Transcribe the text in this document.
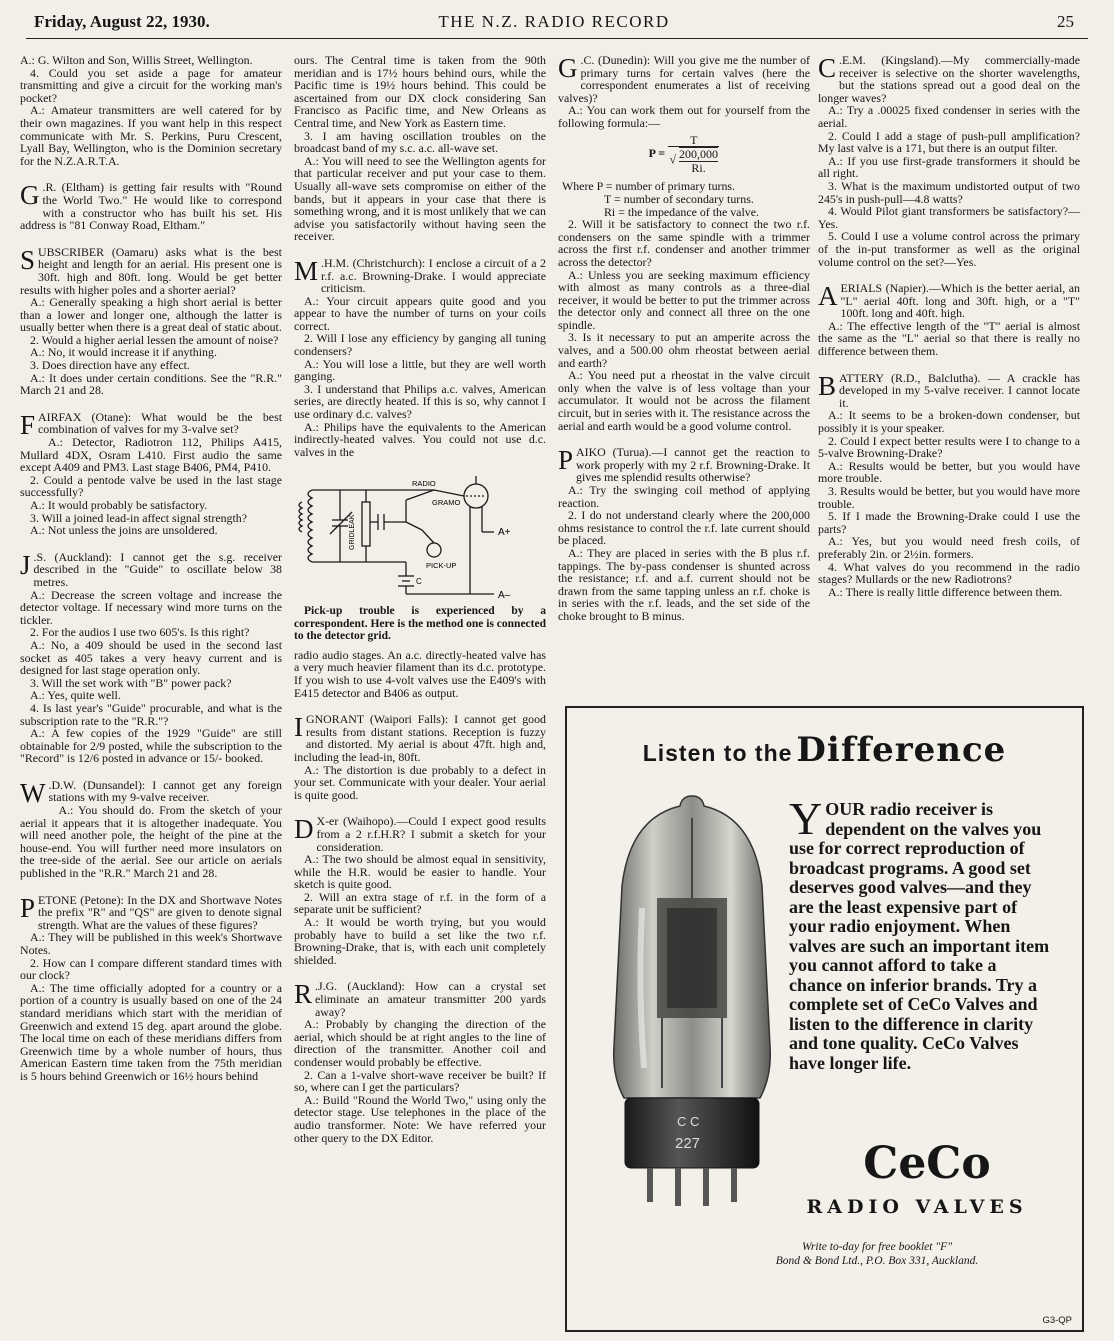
Friday, August 22, 1930.	THE N.Z. RADIO RECORD	25

A.: G. Wilton and Son, Willis Street, Wellington.

4. Could you set aside a page for amateur transmitting and give a circuit for the working man's pocket?

A.: Amateur transmitters are well catered for by their own magazines. If you want help in this respect communicate with Mr. S. Perkins, Puru Crescent, Lyall Bay, Wellington, who is the Dominion secretary for the N.Z.A.R.T.A.

G .R. (Eltham) is getting fair results with "Round the World Two." He would like to correspond with a constructor who has built his set. His address is "81 Conway Road, Eltham."

SUBSCRIBER (Oamaru) asks what is the best height and length for an aerial. His present one is 30ft. high and 80ft. long. Would be get better results with higher poles and a shorter aerial?

A.: Generally speaking a high short aerial is better than a lower and longer one, although the latter is usually better when there is a great deal of static about.

2. Would a higher aerial lessen the amount of noise?

A.: No, it would increase it if anything.

3. Does direction have any effect.

A.: It does under certain conditions. See the "R.R." March 21 and 28.

FAIRFAX (Otane): What would be the best combination of valves for my 3-valve set?

A.: Detector, Radiotron 112, Philips A415, Mullard 4DX, Osram L410. First audio the same except A409 and PM3. Last stage B406, PM4, P410.

2. Could a pentode valve be used in the last stage successfully?

A.: It would probably be satisfactory.

3. Will a joined lead-in affect signal strength?

A.: Not unless the joins are unsoldered.

J .S. (Auckland): I cannot get the s.g. receiver described in the "Guide" to oscillate below 38 metres.

A.: Decrease the screen voltage and increase the detector voltage. If necessary wind more turns on the tickler.

2. For the audios I use two 605's. Is this right?

A.: No, a 409 should be used in the second last socket as 405 takes a very heavy current and is designed for last stage operation only.

3. Will the set work with "B" power pack?

A.: Yes, quite well.

4. Is last year's "Guide" procurable, and what is the subscription rate to the "R.R."?

A.: A few copies of the 1929 "Guide" are still obtainable for 2/9 posted, while the subscription to the "Record" is 12/6 posted in advance or 15/- booked.

W .D.W. (Dunsandel): I cannot get any foreign stations with my 9-valve receiver.

A.: You should do. From the sketch of your aerial it appears that it is altogether inadequate. You will need another pole, the height of the pine at the house-end. You will further need more insulators on the tree-side of the aerial. See our article on aerials published in the "R.R." March 21 and 28.

PETONE (Petone): In the DX and Shortwave Notes the prefix "R" and "QS" are given to denote signal strength. What are the values of these figures?

A.: They will be published in this week's Shortwave Notes.

2. How can I compare different standard times with our clock?

A.: The time officially adopted for a country or a portion of a country is usually based on one of the 24 standard meridians which start with the meridian of Greenwich and extend 15 deg. apart around the globe. The local time on each of these meridians differs from Greenwich time by a whole number of hours, thus American Eastern time taken from the 75th meridian is 5 hours behind Greenwich or 16½ hours behind

ours. The Central time is taken from the 90th meridian and is 17½ hours behind ours, while the Pacific time is 19½ hours behind. This could be ascertained from our DX clock considering San Francisco as Pacific time, and New Orleans as Central time, and New York as Eastern time.

3. I am having oscillation troubles on the broadcast band of my s.c. a.c. all-wave set.

A.: You will need to see the Wellington agents for that particular receiver and put your case to them. Usually all-wave sets compromise on either of the bands, but it appears in your case that there is something wrong, and it is most unlikely that we can advise you satisfactorily without having seen the receiver.

M .H.M. (Christchurch): I enclose a circuit of a 2 r.f. a.c. Browning-Drake. I would appreciate criticism.

A.: Your circuit appears quite good and you appear to have the number of turns on your coils correct.

2. Will I lose any efficiency by ganging all tuning condensers?

A.: You will lose a little, but they are well worth ganging.

3. I understand that Philips a.c. valves, American series, are directly heated. If this is so, why cannot I use ordinary d.c. valves?

A.: Philips have the equivalents to the American indirectly-heated valves. You could not use d.c. valves in the

RADIO
GRAMO
PICK-UP
GRIDLEAK
C
A+
A–

Pick-up trouble is experienced by a correspondent. Here is the method one is connected to the detector grid.

radio audio stages. An a.c. directly-heated valve has a very much heavier filament than its d.c. prototype. If you wish to use 4-volt valves use the E409's with E415 detector and B406 as output.

IGNORANT (Waipori Falls): I cannot get good results from distant stations. Reception is fuzzy and distorted. My aerial is about 47ft. high and, including the lead-in, 80ft.

A.: The distortion is due probably to a defect in your set. Communicate with your dealer. Your aerial is quite good.

D X-er (Waihopo).—Could I expect good results from a 2 r.f.H.R? I submit a sketch for your consideration.

A.: The two should be almost equal in sensitivity, while the H.R. would be easier to handle. Your sketch is quite good.

2. Will an extra stage of r.f. in the form of a separate unit be sufficient?

A.: It would be worth trying, but you would probably have to build a set like the two r.f. Browning-Drake, that is, with each unit completely shielded.

R .J.G. (Auckland): How can a crystal set eliminate an amateur transmitter 200 yards away?

A.: Probably by changing the direction of the aerial, which should be at right angles to the line of direction of the transmitter. Another coil and condenser would probably be effective.

2. Can a 1-valve short-wave receiver be built? If so, where can I get the particulars?

A.: Build "Round the World Two," using only the detector stage. Use telephones in the place of the audio transformer. Note: We have referred your other query to the DX Editor.

G .C. (Dunedin): Will you give me the number of primary turns for certain valves (here the correspondent enumerates a list of receiving valves)?

A.: You can work them out for yourself from the following formula:—

$P = \frac{T}{√ \frac{200,000}{Ri.}}$

Where P = number of primary turns.

T = number of secondary turns.

Ri = the impedance of the valve.

2. Will it be satisfactory to connect the two r.f. condensers on the same spindle with a trimmer across the first r.f. condenser and another trimmer across the detector?

A.: Unless you are seeking maximum efficiency with almost as many controls as a three-dial receiver, it would be better to put the trimmer across the detector only and connect all three on the one spindle.

3. Is it necessary to put an amperite across the valves, and a 500.00 ohm rheostat between aerial and earth?

A.: You need put a rheostat in the valve circuit only when the valve is of less voltage than your accumulator. It would not be across the filament circuit, but in series with it. The resistance across the aerial and earth would be a good volume control.

PAIKO (Turua).—I cannot get the reaction to work properly with my 2 r.f. Browning-Drake. It gives me splendid results otherwise?

A.: Try the swinging coil method of applying reaction.

2. I do not understand clearly where the 200,000 ohms resistance to control the r.f. late current should be placed.

A.: They are placed in series with the B plus r.f. tappings. The by-pass condenser is shunted across the resistance; r.f. and a.f. current should not be drawn from the same tapping unless an r.f. choke is in series with the r.f. leads, and the set side of the choke brought to B minus.

C .E.M. (Kingsland).—My commercially-made receiver is selective on the shorter wavelengths, but the stations spread out a good deal on the longer waves?

A.: Try a .00025 fixed condenser in series with the aerial.

2. Could I add a stage of push-pull amplification? My last valve is a 171, but there is an output filter.

A.: If you use first-grade transformers it should be all right.

3. What is the maximum undistorted output of two 245's in push-pull—4.8 watts?

4. Would Pilot giant transformers be satisfactory?—Yes.

5. Could I use a volume control across the primary of the in-put transformer as well as the original volume control on the set?—Yes.

AERIALS (Napier).—Which is the better aerial, an "L" aerial 40ft. long and 30ft. high, or a "T" 100ft. long and 40ft. high.

A.: The effective length of the "T" aerial is almost the same as the "L" aerial so that there is really no difference between them.

BATTERY (R.D., Balclutha). — A crackle has developed in my 5-valve receiver. I cannot locate it.

A.: It seems to be a broken-down condenser, but possibly it is your speaker.

2. Could I expect better results were I to change to a 5-valve Browning-Drake?

A.: Results would be better, but you would have more trouble.

3. Results would be better, but you would have more trouble.

5. If I made the Browning-Drake could I use the parts?

A.: Yes, but you would need fresh coils, of preferably 2in. or 2½in. formers.

4. What valves do you recommend in the radio stages? Mullards or the new Radiotrons?

A.: There is really little difference between them.

Listen to the Difference
C C
227
YOUR radio receiver is dependent on the valves you use for correct reproduction of broadcast programs. A good set deserves good valves—and they are the least expensive part of your radio enjoyment. When valves are such an important item you cannot afford to take a chance on inferior brands. Try a complete set of CeCo Valves and listen to the difference in clarity and tone quality. CeCo Valves have longer life.
CeCo
RADIO VALVES
Write to-day for free booklet "F"
Bond & Bond Ltd., P.O. Box 331, Auckland.
G3-QP
